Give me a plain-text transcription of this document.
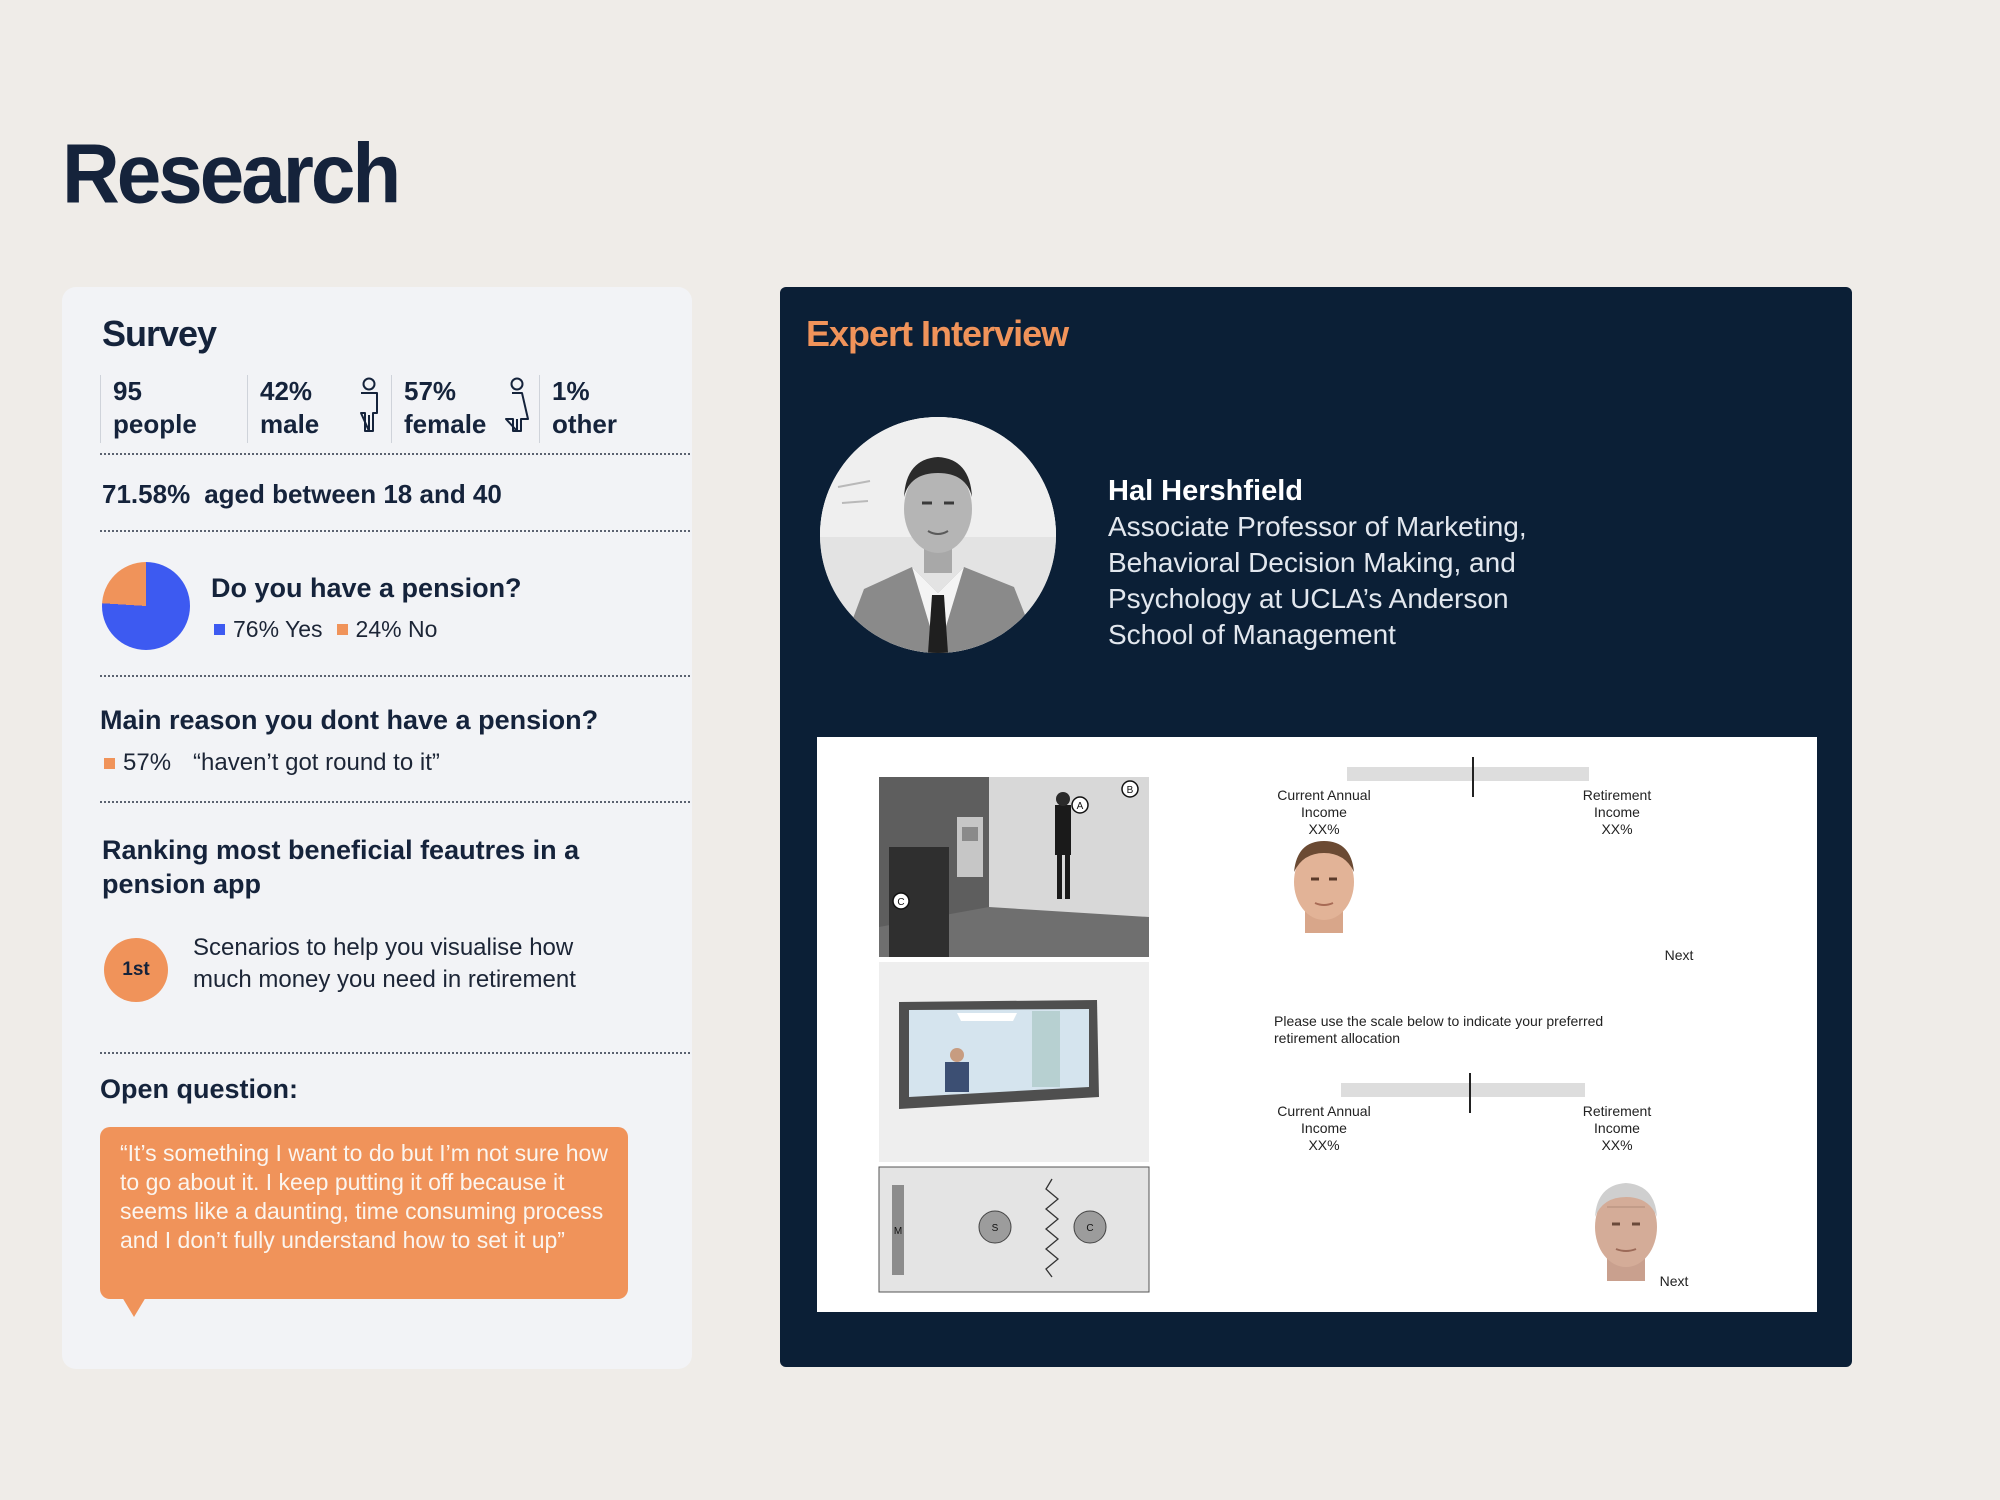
Research
Survey
95
people
42%
male
57%
female
1%
other
71.58% aged between 18 and 40
Do you have a pension?
76% Yes 24% No
Main reason you dont have a pension?
57% “haven’t got round to it”
Ranking most beneficial feautres in a pension app
1st
Scenarios to help you visualise how much money you need in retirement
Open question:
“It’s something I want to do but I’m not sure how to go about it. I keep putting it off because it seems like a daunting, time consuming process and I don’t fully understand how to set it up”
Expert Interview
Hal Hershfield
Associate Professor of Marketing, Behavioral Decision Making, and Psychology at UCLA’s Anderson School of Management
A
B
C
M	S	C
Current Annual
Income
XX%
Retirement
Income
XX%
Next
Please use the scale below to indicate your preferred
retirement allocation
Current Annual
Income
XX%
Retirement
Income
XX%
Next
